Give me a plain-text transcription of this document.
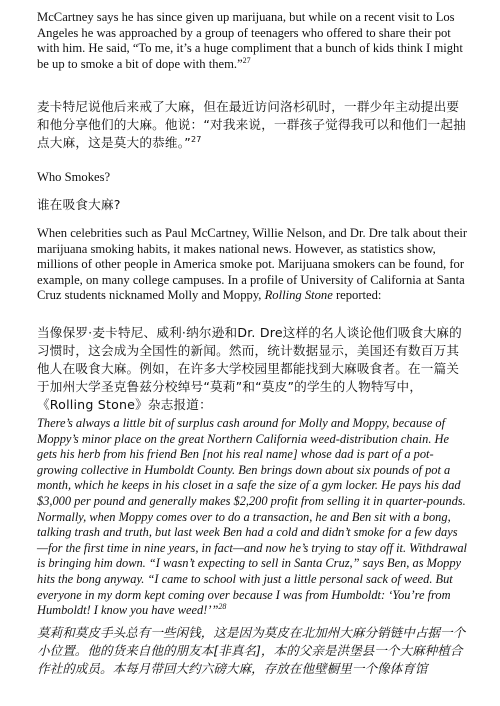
McCartney says he has since given up marijuana, but while on a recent visit to Los Angeles he was approached by a group of teenagers who offered to share their pot with him. He said, “To me, it’s a huge compliment that a bunch of kids think I might be up to smoke a bit of dope with them.”$^{27}$

麦卡特尼说他后来戒了大麻，但在最近访问洛杉矶时，一群少年主动提出要和他分享他们的大麻。他说：“对我来说，一群孩子觉得我可以和他们一起抽点大麻，这是莫大的恭维。”$^{27}$

Who Smokes?

谁在吸食大麻?

When celebrities such as Paul McCartney, Willie Nelson, and Dr. Dre talk about their marijuana smoking habits, it makes national news. However, as statistics show, millions of other people in America smoke pot. Marijuana smokers can be found, for example, on many college campuses. In a profile of University of California at Santa Cruz students nicknamed Molly and Moppy, Rolling Stone reported:

当像保罗·麦卡特尼、威利·纳尔逊和Dr. Dre这样的名人谈论他们吸食大麻的习惯时，这会成为全国性的新闻。然而，统计数据显示，美国还有数百万其他人在吸食大麻。例如，在许多大学校园里都能找到大麻吸食者。在一篇关于加州大学圣克鲁兹分校绰号“莫莉”和“莫皮”的学生的人物特写中，《Rolling Stone》杂志报道：

There’s always a little bit of surplus cash around for Molly and Moppy, because of Moppy’s minor place on the great Northern California weed-distribution chain. He gets his herb from his friend Ben [not his real name] whose dad is part of a pot-growing collective in Humboldt County. Ben brings down about six pounds of pot a month, which he keeps in his closet in a safe the size of a gym locker. He pays his dad $3,000 per pound and generally makes $2,200 profit from selling it in quarter-pounds. Normally, when Moppy comes over to do a transaction, he and Ben sit with a bong, talking trash and truth, but last week Ben had a cold and didn’t smoke for a few days—for the first time in nine years, in fact—and now he’s trying to stay off it. Withdrawal is bringing him down. “I wasn’t expecting to sell in Santa Cruz,” says Ben, as Moppy hits the bong anyway. “I came to school with just a little personal sack of weed. But everyone in my dorm kept coming over because I was from Humboldt: ‘You’re from Humboldt! I know you have weed!’”$^{28}$

莫莉和莫皮手头总有一些闲钱，这是因为莫皮在北加州大麻分销链中占据一个小位置。他的货来自他的朋友本[非真名]，本的父亲是洪堡县一个大麻种植合作社的成员。本每月带回大约六磅大麻，存放在他壁橱里一个像体育馆
